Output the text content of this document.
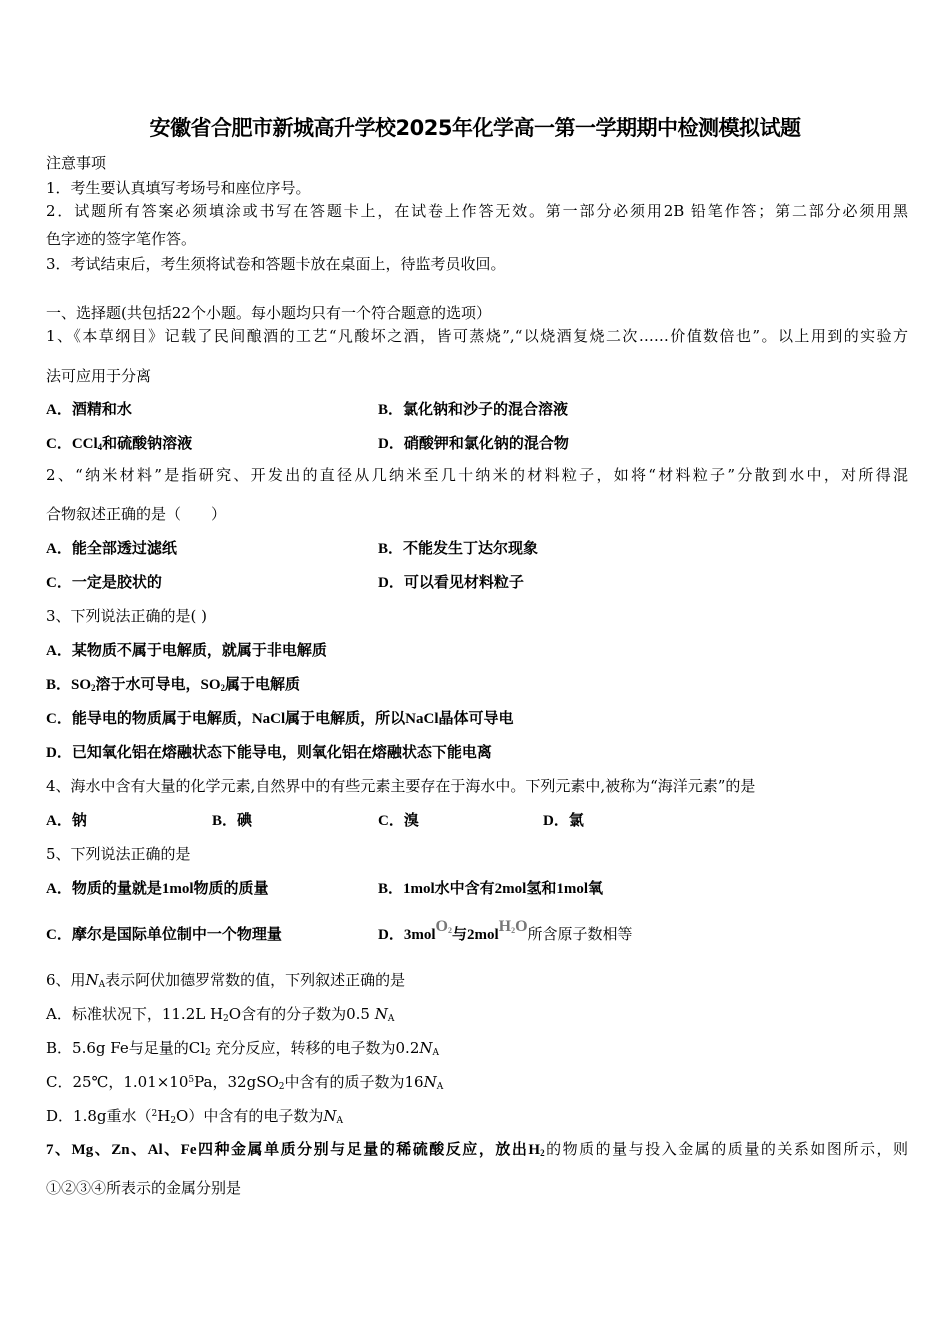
安徽省合肥市新城高升学校2025年化学高一第一学期期中检测模拟试题
注意事项
1．考生要认真填写考场号和座位序号。
2．试题所有答案必须填涂或书写在答题卡上，在试卷上作答无效。第一部分必须用2B 铅笔作答；第二部分必须用黑
色字迹的签字笔作答。
3．考试结束后，考生须将试卷和答题卡放在桌面上，待监考员收回。
一、选择题(共包括22个小题。每小题均只有一个符合题意的选项）
1、《本草纲目》记载了民间酿酒的工艺“凡酸坏之酒，皆可蒸烧”,“以烧酒复烧二次……价值数倍也”。以上用到的实验方
法可应用于分离
A．酒精和水	B．氯化钠和沙子的混合溶液
C．CCl$_4$和硫酸钠溶液	D．硝酸钾和氯化钠的混合物
2、“纳米材料”是指研究、开发出的直径从几纳米至几十纳米的材料粒子，如将“材料粒子”分散到水中，对所得混
合物叙述正确的是（　　）
A．能全部透过滤纸	B．不能发生丁达尔现象
C．一定是胶状的	D．可以看见材料粒子
3、下列说法正确的是( )
A．某物质不属于电解质，就属于非电解质
B．$SO_2$溶于水可导电，$SO_2$属于电解质
C．能导电的物质属于电解质，NaCl属于电解质，所以NaCl晶体可导电
D．已知氧化铝在熔融状态下能导电，则氧化铝在熔融状态下能电离
4、海水中含有大量的化学元素,自然界中的有些元素主要存在于海水中。下列元素中,被称为“海洋元素”的是
A．钠	B．碘	C．溴	D．氯
5、下列说法正确的是
A．物质的量就是1mol物质的质量	B．1mol水中含有2mol氢和1mol氧
C．摩尔是国际单位制中一个物理量	D．3molO$_2$与2molH$_2$O所含原子数相等
6、用$N_A$表示阿伏加德罗常数的值，下列叙述正确的是
A．标准状况下，11.2L $H_2O$含有的分子数为0.5 $N_A$
B．5.6g Fe与足量的$Cl_2$ 充分反应，转移的电子数为$0.2N_A$
C．25℃，$1.01\times 10^5Pa$，32gSO$_2$中含有的质子数为$16N_A$
D．1.8g重水$(^2H_2O)$中含有的电子数为$N_A$
7、Mg、Zn、Al、Fe四种金属单质分别与足量的稀硫酸反应，放出$H_2$的物质的量与投入金属的质量的关系如图所示，则
①②③④所表示的金属分别是
